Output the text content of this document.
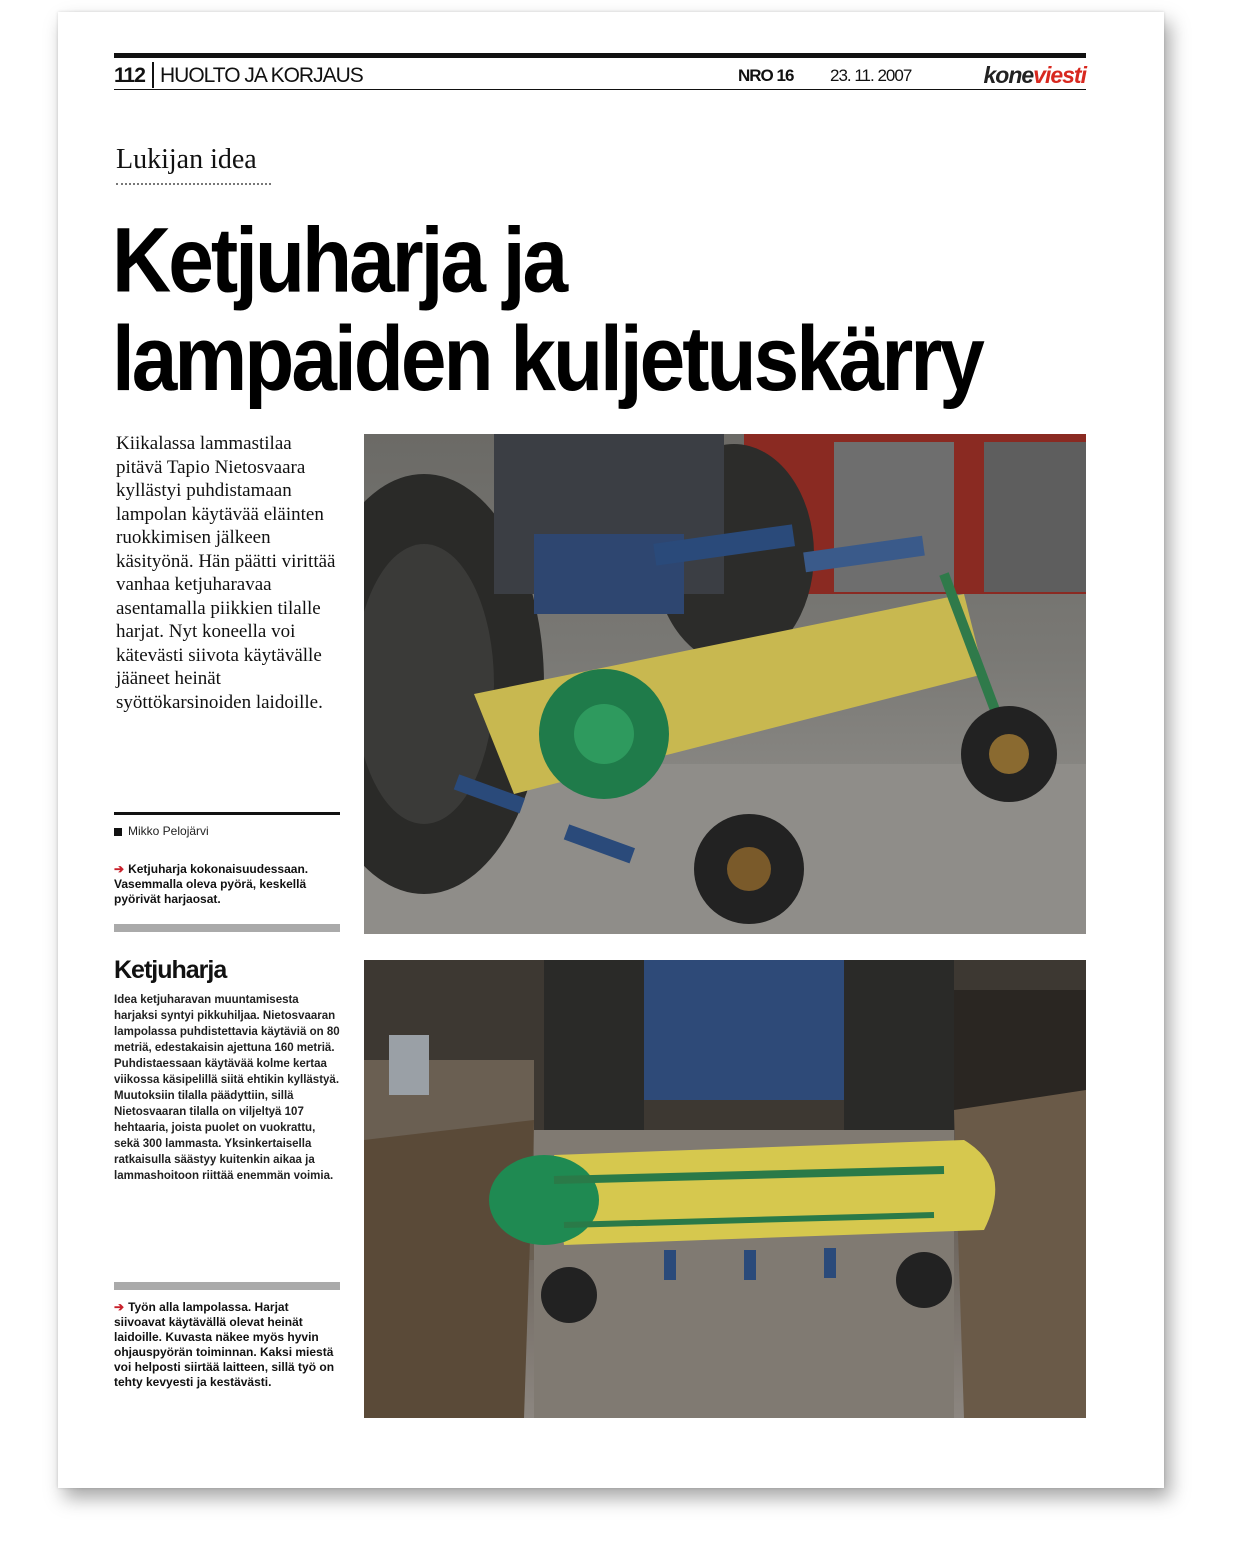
112 HUOLTO JA KORJAUS	NRO 16 23. 11. 2007	koneviesti
Lukijan idea
Ketjuharja ja
lampaiden kuljetuskärry
Kiikalassa lammastilaa pitävä Tapio Nietosvaara kyllästyi puhdistamaan lampolan käytävää eläinten ruokkimisen jälkeen käsityönä. Hän päätti virittää vanhaa ketjuharavaa asentamalla piikkien tilalle harjat. Nyt koneella voi kätevästi siivota käytävälle jääneet heinät syöttökarsinoiden laidoille.
Mikko Pelojärvi
➔ Ketjuharja kokonaisuudessaan. Vasemmalla oleva pyörä, keskellä pyörivät harjaosat.
Ketjuharja
Idea ketjuharavan muuntamisesta harjaksi syntyi pikkuhiljaa. Nietosvaaran lampolassa puhdistettavia käytäviä on 80 metriä, edestakaisin ajettuna 160 metriä. Puhdistaessaan käytävää kolme kertaa viikossa käsipelillä siitä ehtikin kyllästyä. Muutoksiin tilalla päädyttiin, sillä Nietosvaaran tilalla on viljeltyä 107 hehtaaria, joista puolet on vuokrattu, sekä 300 lammasta. Yksinkertaisella ratkaisulla säästyy kuitenkin aikaa ja lammashoitoon riittää enemmän voimia.
➔ Työn alla lampolassa. Harjat siivoavat käytävällä olevat heinät laidoille. Kuvasta näkee myös hyvin ohjauspyörän toiminnan. Kaksi miestä voi helposti siirtää laitteen, sillä työ on tehty kevyesti ja kestävästi.
